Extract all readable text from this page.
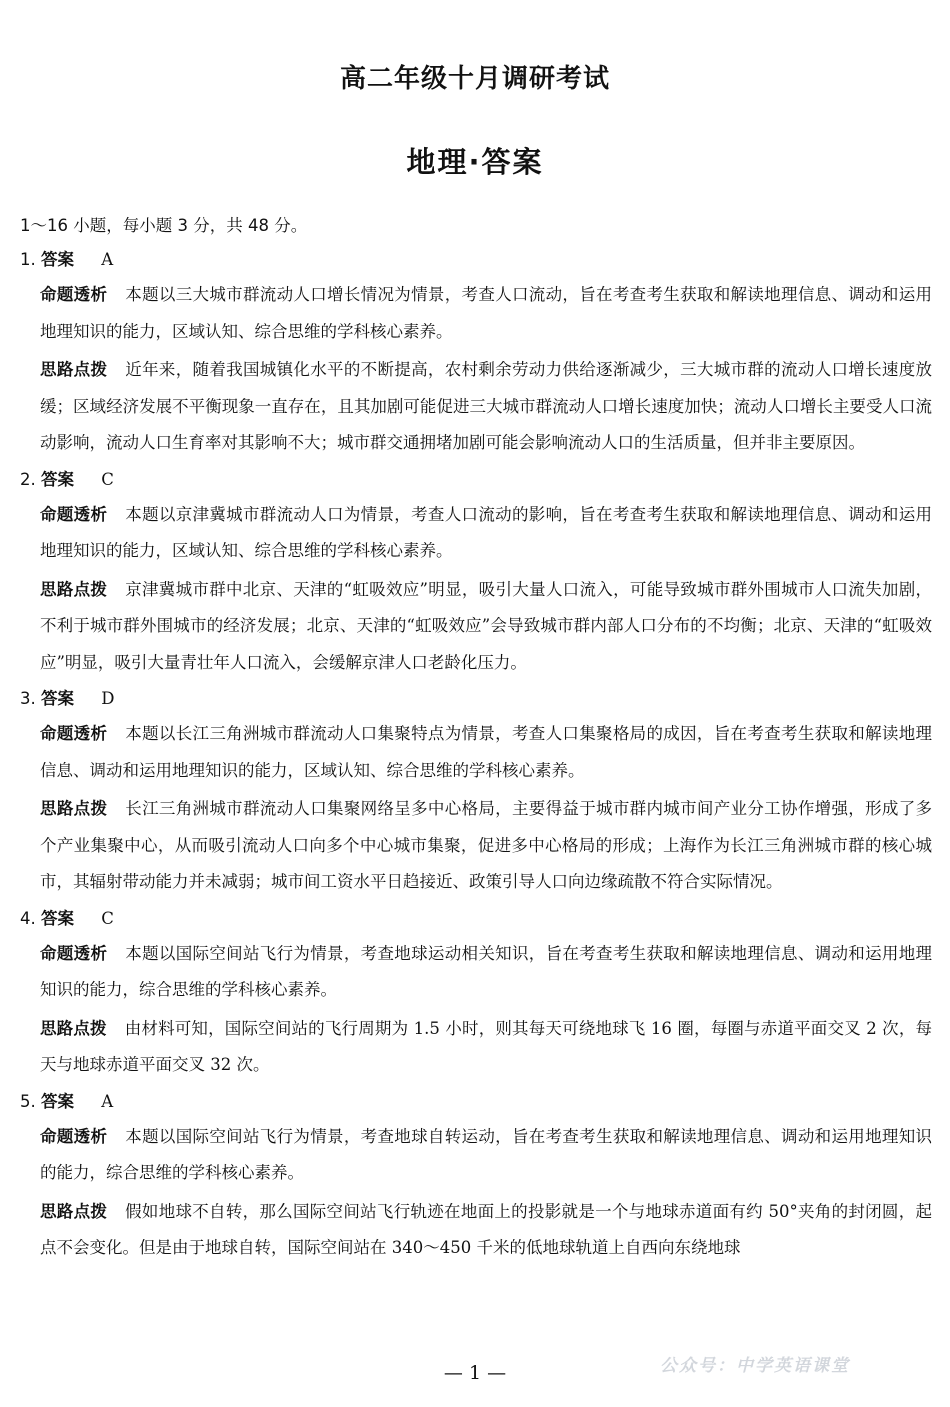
高二年级十月调研考试
地理·答案
1～16 小题，每小题 3 分，共 48 分。
1. 答案 A
命题透析 本题以三大城市群流动人口增长情况为情景，考查人口流动，旨在考查考生获取和解读地理信息、调动和运用地理知识的能力，区域认知、综合思维的学科核心素养。
思路点拨 近年来，随着我国城镇化水平的不断提高，农村剩余劳动力供给逐渐减少，三大城市群的流动人口增长速度放缓；区域经济发展不平衡现象一直存在，且其加剧可能促进三大城市群流动人口增长速度加快；流动人口增长主要受人口流动影响，流动人口生育率对其影响不大；城市群交通拥堵加剧可能会影响流动人口的生活质量，但并非主要原因。
2. 答案 C
命题透析 本题以京津冀城市群流动人口为情景，考查人口流动的影响，旨在考查考生获取和解读地理信息、调动和运用地理知识的能力，区域认知、综合思维的学科核心素养。
思路点拨 京津冀城市群中北京、天津的“虹吸效应”明显，吸引大量人口流入，可能导致城市群外围城市人口流失加剧，不利于城市群外围城市的经济发展；北京、天津的“虹吸效应”会导致城市群内部人口分布的不均衡；北京、天津的“虹吸效应”明显，吸引大量青壮年人口流入，会缓解京津人口老龄化压力。
3. 答案 D
命题透析 本题以长江三角洲城市群流动人口集聚特点为情景，考查人口集聚格局的成因，旨在考查考生获取和解读地理信息、调动和运用地理知识的能力，区域认知、综合思维的学科核心素养。
思路点拨 长江三角洲城市群流动人口集聚网络呈多中心格局，主要得益于城市群内城市间产业分工协作增强，形成了多个产业集聚中心，从而吸引流动人口向多个中心城市集聚，促进多中心格局的形成；上海作为长江三角洲城市群的核心城市，其辐射带动能力并未减弱；城市间工资水平日趋接近、政策引导人口向边缘疏散不符合实际情况。
4. 答案 C
命题透析 本题以国际空间站飞行为情景，考查地球运动相关知识，旨在考查考生获取和解读地理信息、调动和运用地理知识的能力，综合思维的学科核心素养。
思路点拨 由材料可知，国际空间站的飞行周期为 1.5 小时，则其每天可绕地球飞 16 圈，每圈与赤道平面交叉 2 次，每天与地球赤道平面交叉 32 次。
5. 答案 A
命题透析 本题以国际空间站飞行为情景，考查地球自转运动，旨在考查考生获取和解读地理信息、调动和运用地理知识的能力，综合思维的学科核心素养。
思路点拨 假如地球不自转，那么国际空间站飞行轨迹在地面上的投影就是一个与地球赤道面有约 50°夹角的封闭圆，起点不会变化。但是由于地球自转，国际空间站在 340～450 千米的低地球轨道上自西向东绕地球
— 1 —	公众号：中学英语课堂
